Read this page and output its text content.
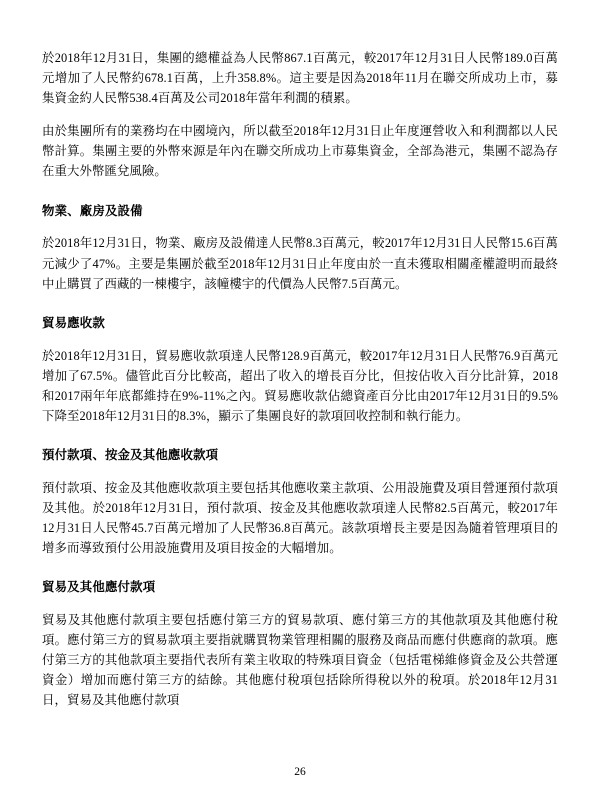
於2018年12月31日，集團的總權益為人民幣867.1百萬元，較2017年12月31日人民幣189.0百萬元增加了人民幣約678.1百萬，上升358.8%。這主要是因為2018年11月在聯交所成功上市，募集資金約人民幣538.4百萬及公司2018年當年利潤的積累。

由於集團所有的業務均在中國境內，所以截至2018年12月31日止年度運營收入和利潤都以人民幣計算。集團主要的外幣來源是年內在聯交所成功上市募集資金，全部為港元，集團不認為存在重大外幣匯兌風險。

物業、廠房及設備

於2018年12月31日，物業、廠房及設備達人民幣8.3百萬元，較2017年12月31日人民幣15.6百萬元減少了47%。主要是集團於截至2018年12月31日止年度由於一直未獲取相關產權證明而最終中止購買了西藏的一棟樓宇，該幢樓宇的代價為人民幣7.5百萬元。

貿易應收款

於2018年12月31日，貿易應收款項達人民幣128.9百萬元，較2017年12月31日人民幣76.9百萬元增加了67.5%。儘管此百分比較高，超出了收入的增長百分比，但按佔收入百分比計算，2018和2017兩年年底都維持在9%-11%之內。貿易應收款佔總資產百分比由2017年12月31日的9.5%下降至2018年12月31日的8.3%，顯示了集團良好的款項回收控制和執行能力。

預付款項、按金及其他應收款項

預付款項、按金及其他應收款項主要包括其他應收業主款項、公用設施費及項目營運預付款項及其他。於2018年12月31日，預付款項、按金及其他應收款項達人民幣82.5百萬元，較2017年12月31日人民幣45.7百萬元增加了人民幣36.8百萬元。該款項增長主要是因為隨着管理項目的增多而導致預付公用設施費用及項目按金的大幅增加。

貿易及其他應付款項

貿易及其他應付款項主要包括應付第三方的貿易款項、應付第三方的其他款項及其他應付稅項。應付第三方的貿易款項主要指就購買物業管理相關的服務及商品而應付供應商的款項。應付第三方的其他款項主要指代表所有業主收取的特殊項目資金（包括電梯維修資金及公共營運資金）增加而應付第三方的結餘。其他應付稅項包括除所得稅以外的稅項。於2018年12月31日，貿易及其他應付款項

26
